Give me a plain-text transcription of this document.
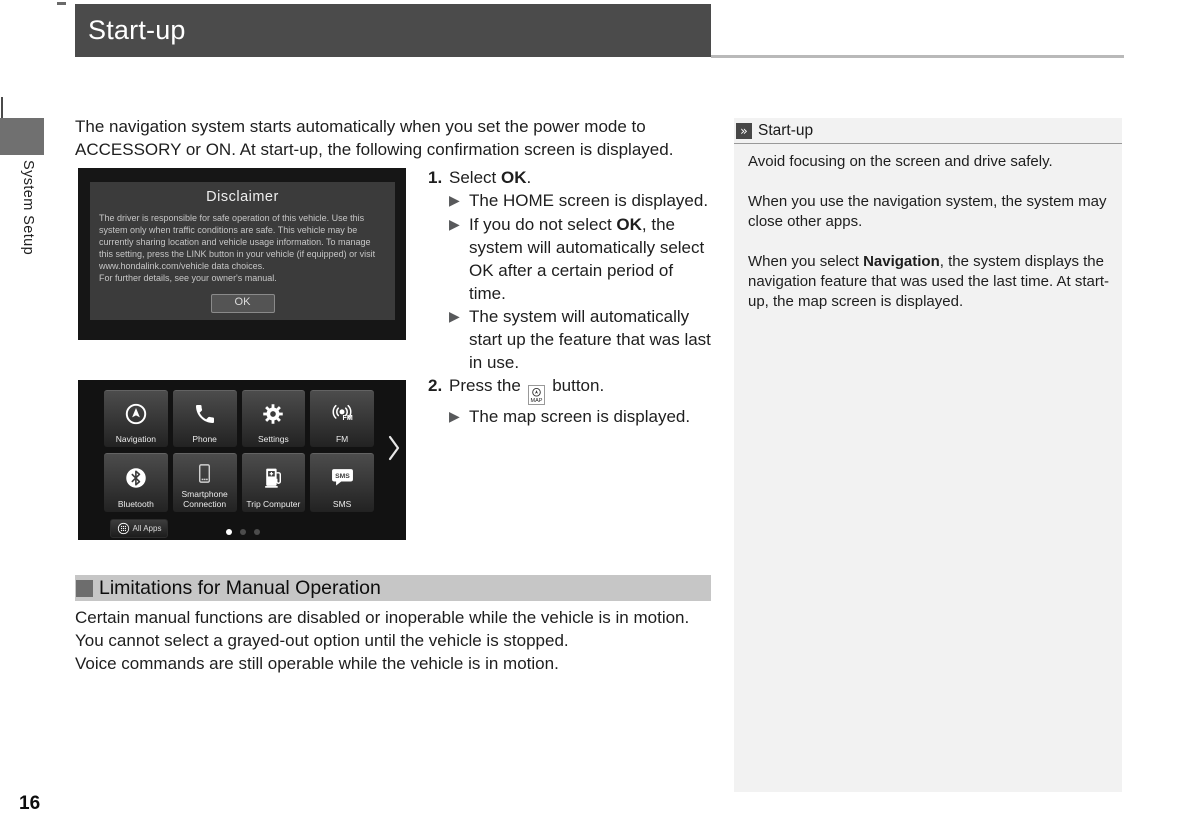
Start-up
System Setup
The navigation system starts automatically when you set the power mode to ACCESSORY or ON. At start-up, the following confirmation screen is displayed.
Disclaimer
The driver is responsible for safe operation of this vehicle. Use this system only when traffic conditions are safe. This vehicle may be currently sharing location and vehicle usage information. To manage this setting, press the LINK button in your vehicle (if equipped) or visit www.hondalink.com/vehicle data choices.
For further details, see your owner's manual.
OK
Navigation	Phone	Settings
FM
FM
Bluetooth
Smartphone Connection	Trip Computer
SMS
SMS
All Apps
1. Select OK.
▶ The HOME screen is displayed.
▶ If you do not select OK, the system will automatically select OK after a certain period of time.
▶ The system will automatically start up the feature that was last in use.
2. Press the
MAP
button.
▶ The map screen is displayed.
Limitations for Manual Operation
Certain manual functions are disabled or inoperable while the vehicle is in motion.
You cannot select a grayed-out option until the vehicle is stopped.
Voice commands are still operable while the vehicle is in motion.
» Start-up

Avoid focusing on the screen and drive safely.

When you use the navigation system, the system may close other apps.

When you select Navigation, the system displays the navigation feature that was used the last time. At start-up, the map screen is displayed.

16
